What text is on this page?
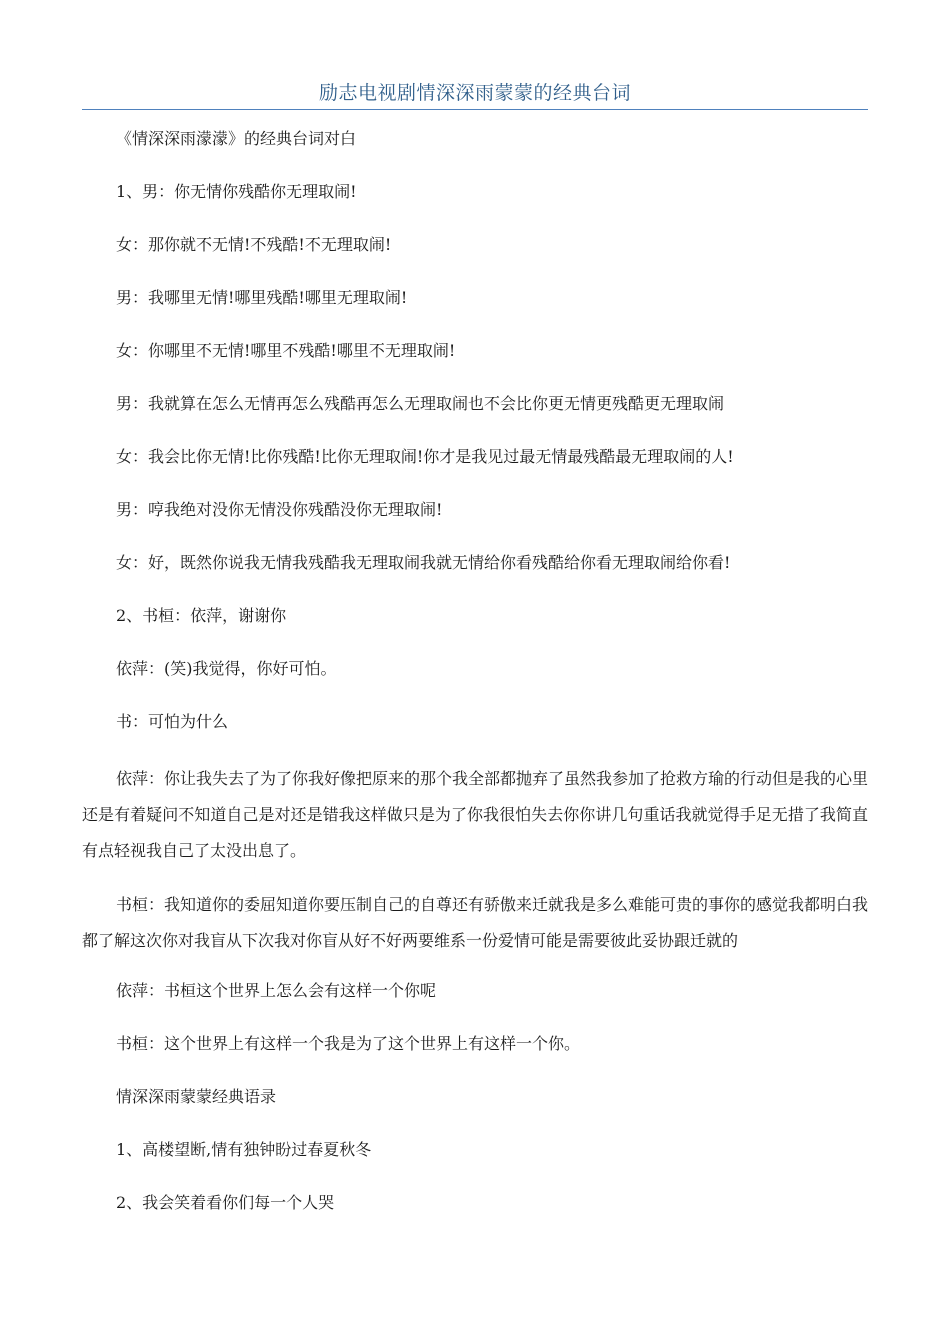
励志电视剧情深深雨蒙蒙的经典台词

《情深深雨濛濛》的经典台词对白

1、男：你无情你残酷你无理取闹!

女：那你就不无情!不残酷!不无理取闹!

男：我哪里无情!哪里残酷!哪里无理取闹!

女：你哪里不无情!哪里不残酷!哪里不无理取闹!

男：我就算在怎么无情再怎么残酷再怎么无理取闹也不会比你更无情更残酷更无理取闹

女：我会比你无情!比你残酷!比你无理取闹!你才是我见过最无情最残酷最无理取闹的人!

男：哼我绝对没你无情没你残酷没你无理取闹!

女：好，既然你说我无情我残酷我无理取闹我就无情给你看残酷给你看无理取闹给你看!

2、书桓：依萍，谢谢你

依萍：(笑)我觉得，你好可怕。

书：可怕为什么

依萍：你让我失去了为了你我好像把原来的那个我全部都抛弃了虽然我参加了抢救方瑜的行动但是我的心里还是有着疑问不知道自己是对还是错我这样做只是为了你我很怕失去你你讲几句重话我就觉得手足无措了我简直有点轻视我自己了太没出息了。

书桓：我知道你的委屈知道你要压制自己的自尊还有骄傲来迁就我是多么难能可贵的事你的感觉我都明白我都了解这次你对我盲从下次我对你盲从好不好两要维系一份爱情可能是需要彼此妥协跟迁就的

依萍：书桓这个世界上怎么会有这样一个你呢

书桓：这个世界上有这样一个我是为了这个世界上有这样一个你。

情深深雨蒙蒙经典语录

1、高楼望断,情有独钟盼过春夏秋冬

2、我会笑着看你们每一个人哭
